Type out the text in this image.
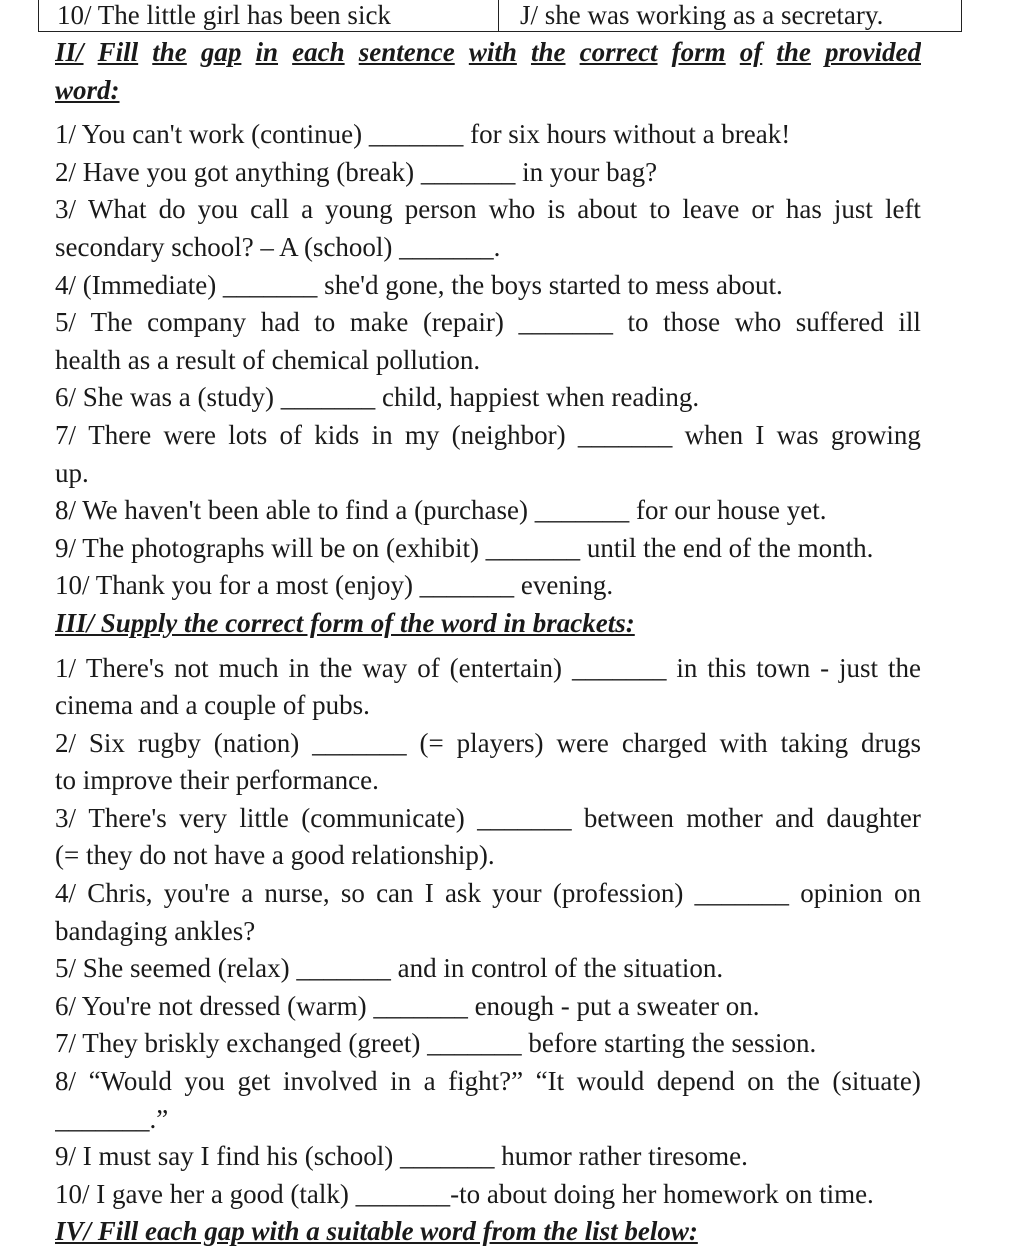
10/ The little girl has been sick	J/ she was working as a secretary.
II/ Fill the gap in each sentence with the correct form of the provided
word:
1/ You can't work (continue) _______ for six hours without a break!
2/ Have you got anything (break) _______ in your bag?
3/ What do you call a young person who is about to leave or has just left
secondary school? – A (school) _______.
4/ (Immediate) _______ she'd gone, the boys started to mess about.
5/ The company had to make (repair) _______ to those who suffered ill
health as a result of chemical pollution.
6/ She was a (study) _______ child, happiest when reading.
7/ There were lots of kids in my (neighbor) _______ when I was growing
up.
8/ We haven't been able to find a (purchase) _______ for our house yet.
9/ The photographs will be on (exhibit) _______ until the end of the month.
10/ Thank you for a most (enjoy) _______ evening.
III/ Supply the correct form of the word in brackets:
1/ There's not much in the way of (entertain) _______ in this town - just the
cinema and a couple of pubs.
2/ Six rugby (nation) _______ (= players) were charged with taking drugs
to improve their performance.
3/ There's very little (communicate) _______ between mother and daughter
(= they do not have a good relationship).
4/ Chris, you're a nurse, so can I ask your (profession) _______ opinion on
bandaging ankles?
5/ She seemed (relax) _______ and in control of the situation.
6/ You're not dressed (warm) _______ enough - put a sweater on.
7/ They briskly exchanged (greet) _______ before starting the session.
8/ “Would you get involved in a fight?” “It would depend on the (situate)
_______.”
9/ I must say I find his (school) _______ humor rather tiresome.
10/ I gave her a good (talk) _______-to about doing her homework on time.
IV/ Fill each gap with a suitable word from the list below:
